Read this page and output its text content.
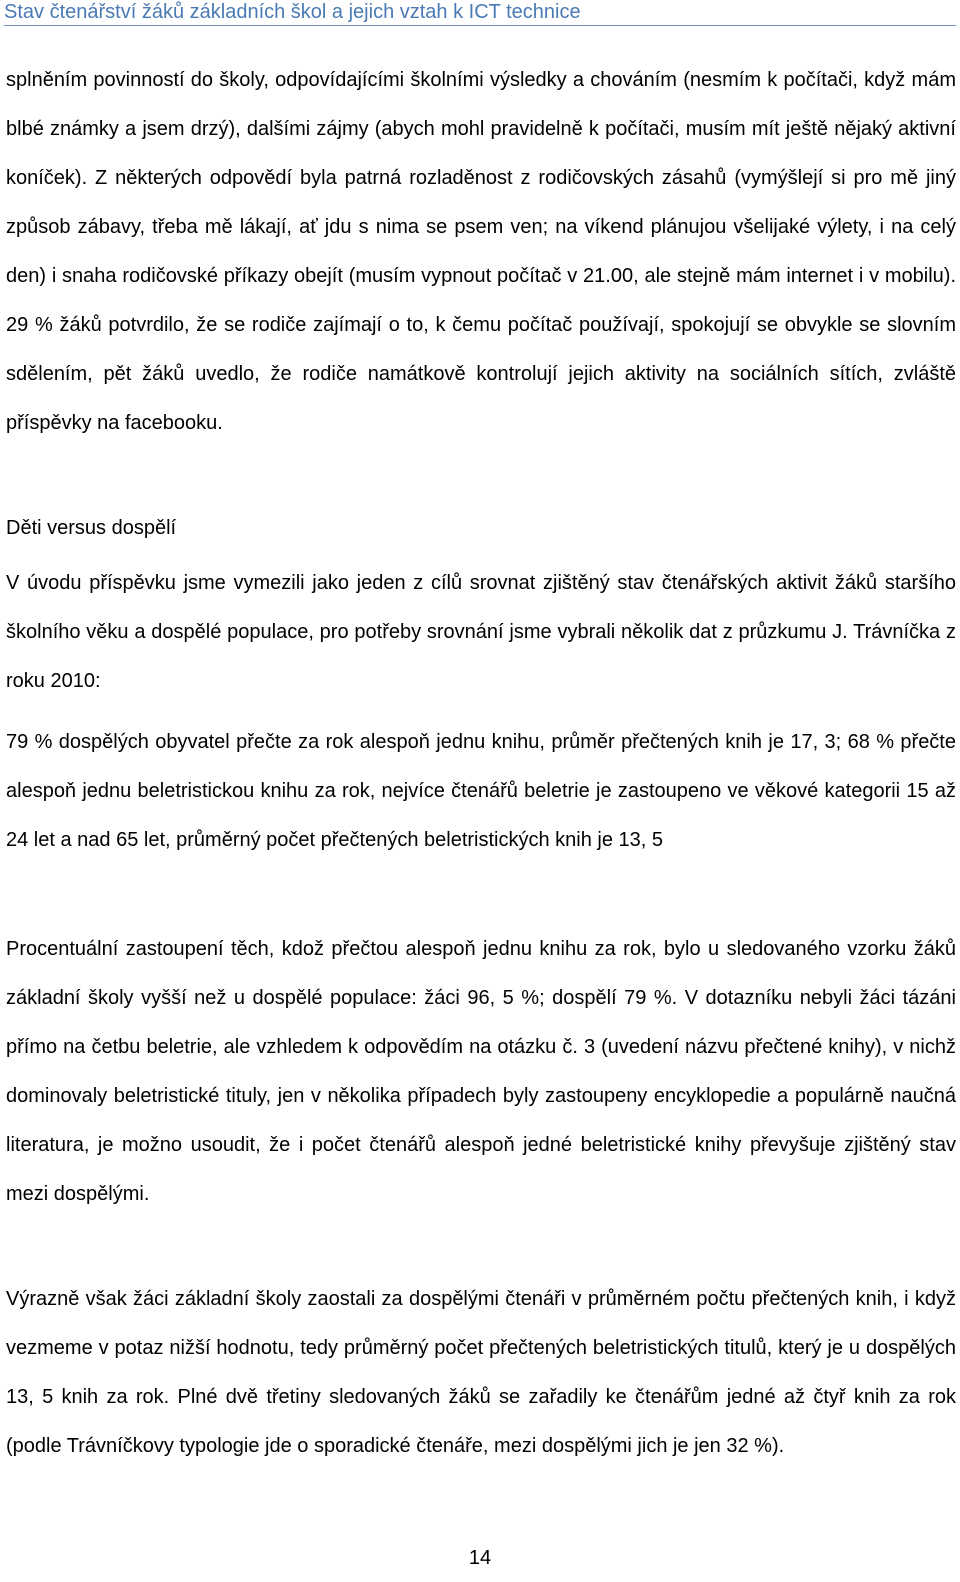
Stav čtenářství žáků základních škol a jejich vztah k ICT technice

splněním povinností do školy, odpovídajícími školními výsledky a chováním (nesmím k počítači, když mám blbé známky a jsem drzý), dalšími zájmy (abych mohl pravidelně k počítači, musím mít ještě nějaký aktivní koníček). Z některých odpovědí byla patrná rozladěnost z rodičovských zásahů (vymýšlejí si pro mě jiný způsob zábavy, třeba mě lákají, ať jdu s nima se psem ven; na víkend plánujou všelijaké výlety, i na celý den) i snaha rodičovské příkazy obejít (musím vypnout počítač v 21.00, ale stejně mám internet i v mobilu). 29 % žáků potvrdilo, že se rodiče zajímají o to, k čemu počítač používají, spokojují se obvykle se slovním sdělením, pět žáků uvedlo, že rodiče namátkově kontrolují jejich aktivity na sociálních sítích, zvláště příspěvky na facebooku.

Děti versus dospělí

V úvodu příspěvku jsme vymezili jako jeden z cílů srovnat zjištěný stav čtenářských aktivit žáků staršího školního věku a dospělé populace, pro potřeby srovnání jsme vybrali několik dat z průzkumu J. Trávníčka z roku 2010:

79 % dospělých obyvatel přečte za rok alespoň jednu knihu, průměr přečtených knih je 17, 3; 68 % přečte alespoň jednu beletristickou knihu za rok, nejvíce čtenářů beletrie je zastoupeno ve věkové kategorii 15 až 24 let a nad 65 let, průměrný počet přečtených beletristických knih je 13, 5

Procentuální zastoupení těch, kdož přečtou alespoň jednu knihu za rok, bylo u sledovaného vzorku žáků základní školy vyšší než u dospělé populace: žáci 96, 5 %; dospělí 79 %. V dotazníku nebyli žáci tázáni přímo na četbu beletrie, ale vzhledem k odpovědím na otázku č. 3 (uvedení názvu přečtené knihy), v nichž dominovaly beletristické tituly, jen v několika případech byly zastoupeny encyklopedie a populárně naučná literatura, je možno usoudit, že i počet čtenářů alespoň jedné beletristické knihy převyšuje zjištěný stav mezi dospělými.

Výrazně však žáci základní školy zaostali za dospělými čtenáři v průměrném počtu přečtených knih, i když vezmeme v potaz nižší hodnotu, tedy průměrný počet přečtených beletristických titulů, který je u dospělých 13, 5 knih za rok. Plné dvě třetiny sledovaných žáků se zařadily ke čtenářům jedné až čtyř knih za rok (podle Trávníčkovy typologie jde o sporadické čtenáře, mezi dospělými jich je jen 32 %).

14
